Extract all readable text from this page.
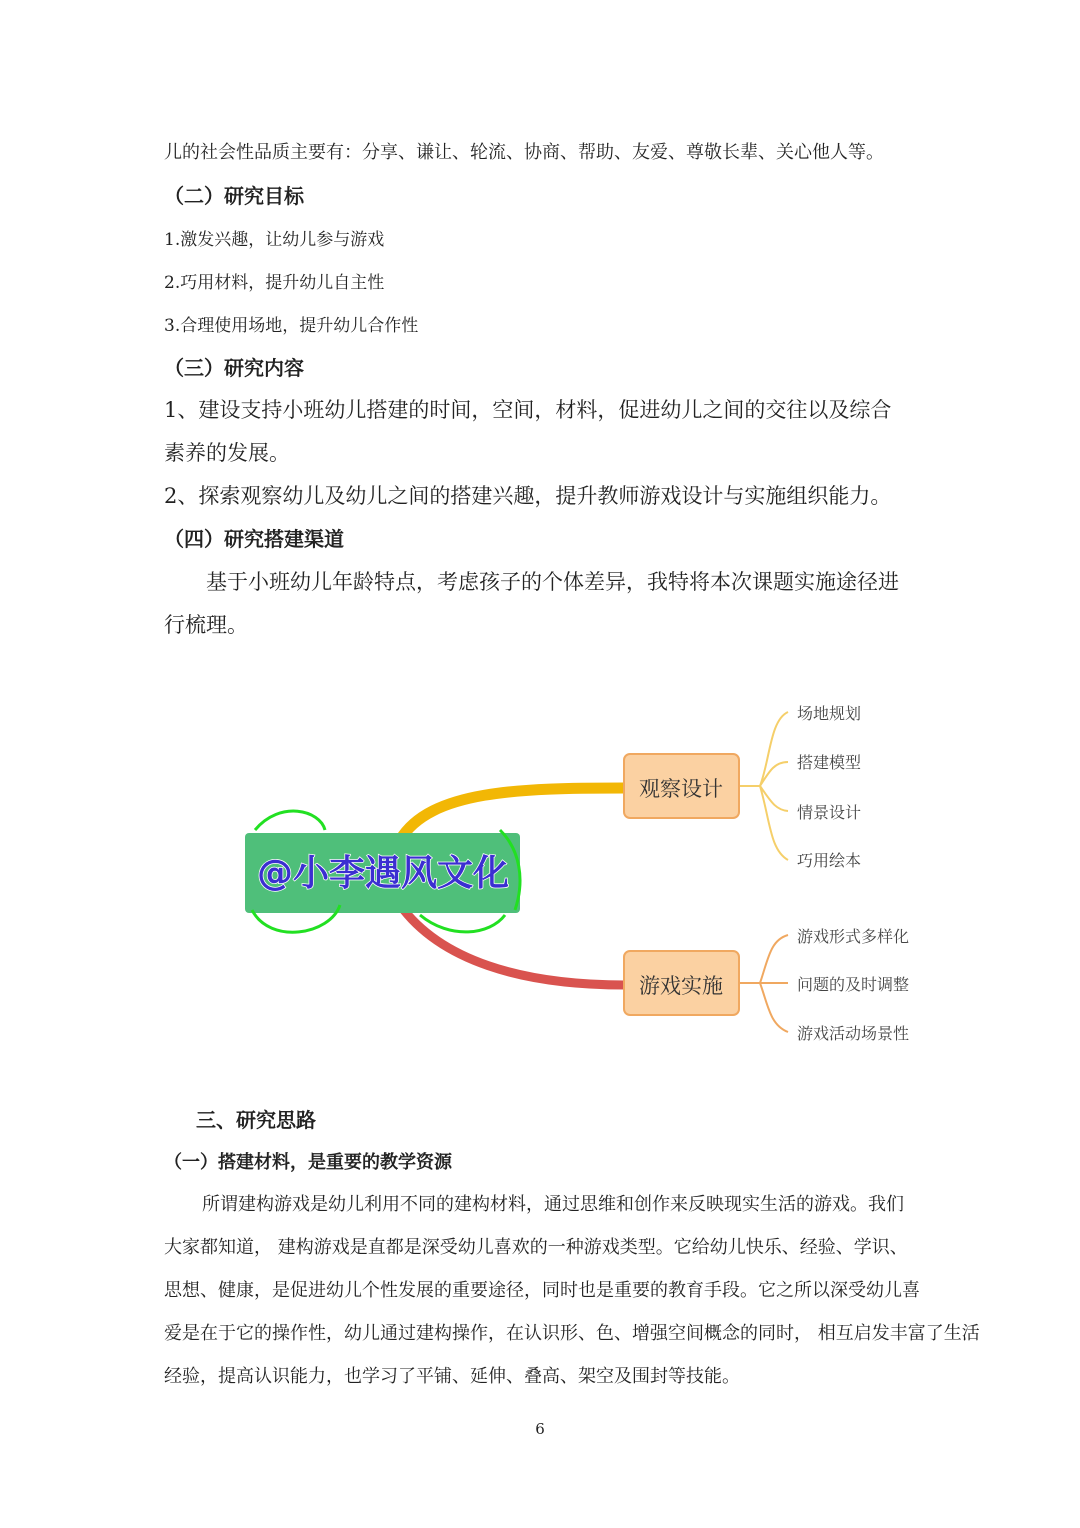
儿的社会性品质主要有：分享、谦让、轮流、协商、帮助、友爱、尊敬长辈、关心他人等。
（二）研究目标
1.激发兴趣，让幼儿参与游戏
2.巧用材料，提升幼儿自主性
3.合理使用场地，提升幼儿合作性
（三）研究内容
1、建设支持小班幼儿搭建的时间，空间，材料，促进幼儿之间的交往以及综合
素养的发展。
2、探索观察幼儿及幼儿之间的搭建兴趣，提升教师游戏设计与实施组织能力。
（四）研究搭建渠道
基于小班幼儿年龄特点，考虑孩子的个体差异，我特将本次课题实施途径进
行梳理。
@小李遇风文化
观察设计
游戏实施
场地规划
搭建模型
情景设计
巧用绘本
游戏形式多样化
问题的及时调整
游戏活动场景性
三、研究思路
（一）搭建材料，是重要的教学资源
所谓建构游戏是幼儿利用不同的建构材料，通过思维和创作来反映现实生活的游戏。我们
大家都知道， 建构游戏是直都是深受幼儿喜欢的一种游戏类型。它给幼儿快乐、经验、学识、
思想、健康，是促进幼儿个性发展的重要途径，同时也是重要的教育手段。它之所以深受幼儿喜
爱是在于它的操作性，幼儿通过建构操作，在认识形、色、增强空间概念的同时， 相互启发丰富了生活
经验，提高认识能力，也学习了平铺、延伸、叠高、架空及围封等技能。
6
